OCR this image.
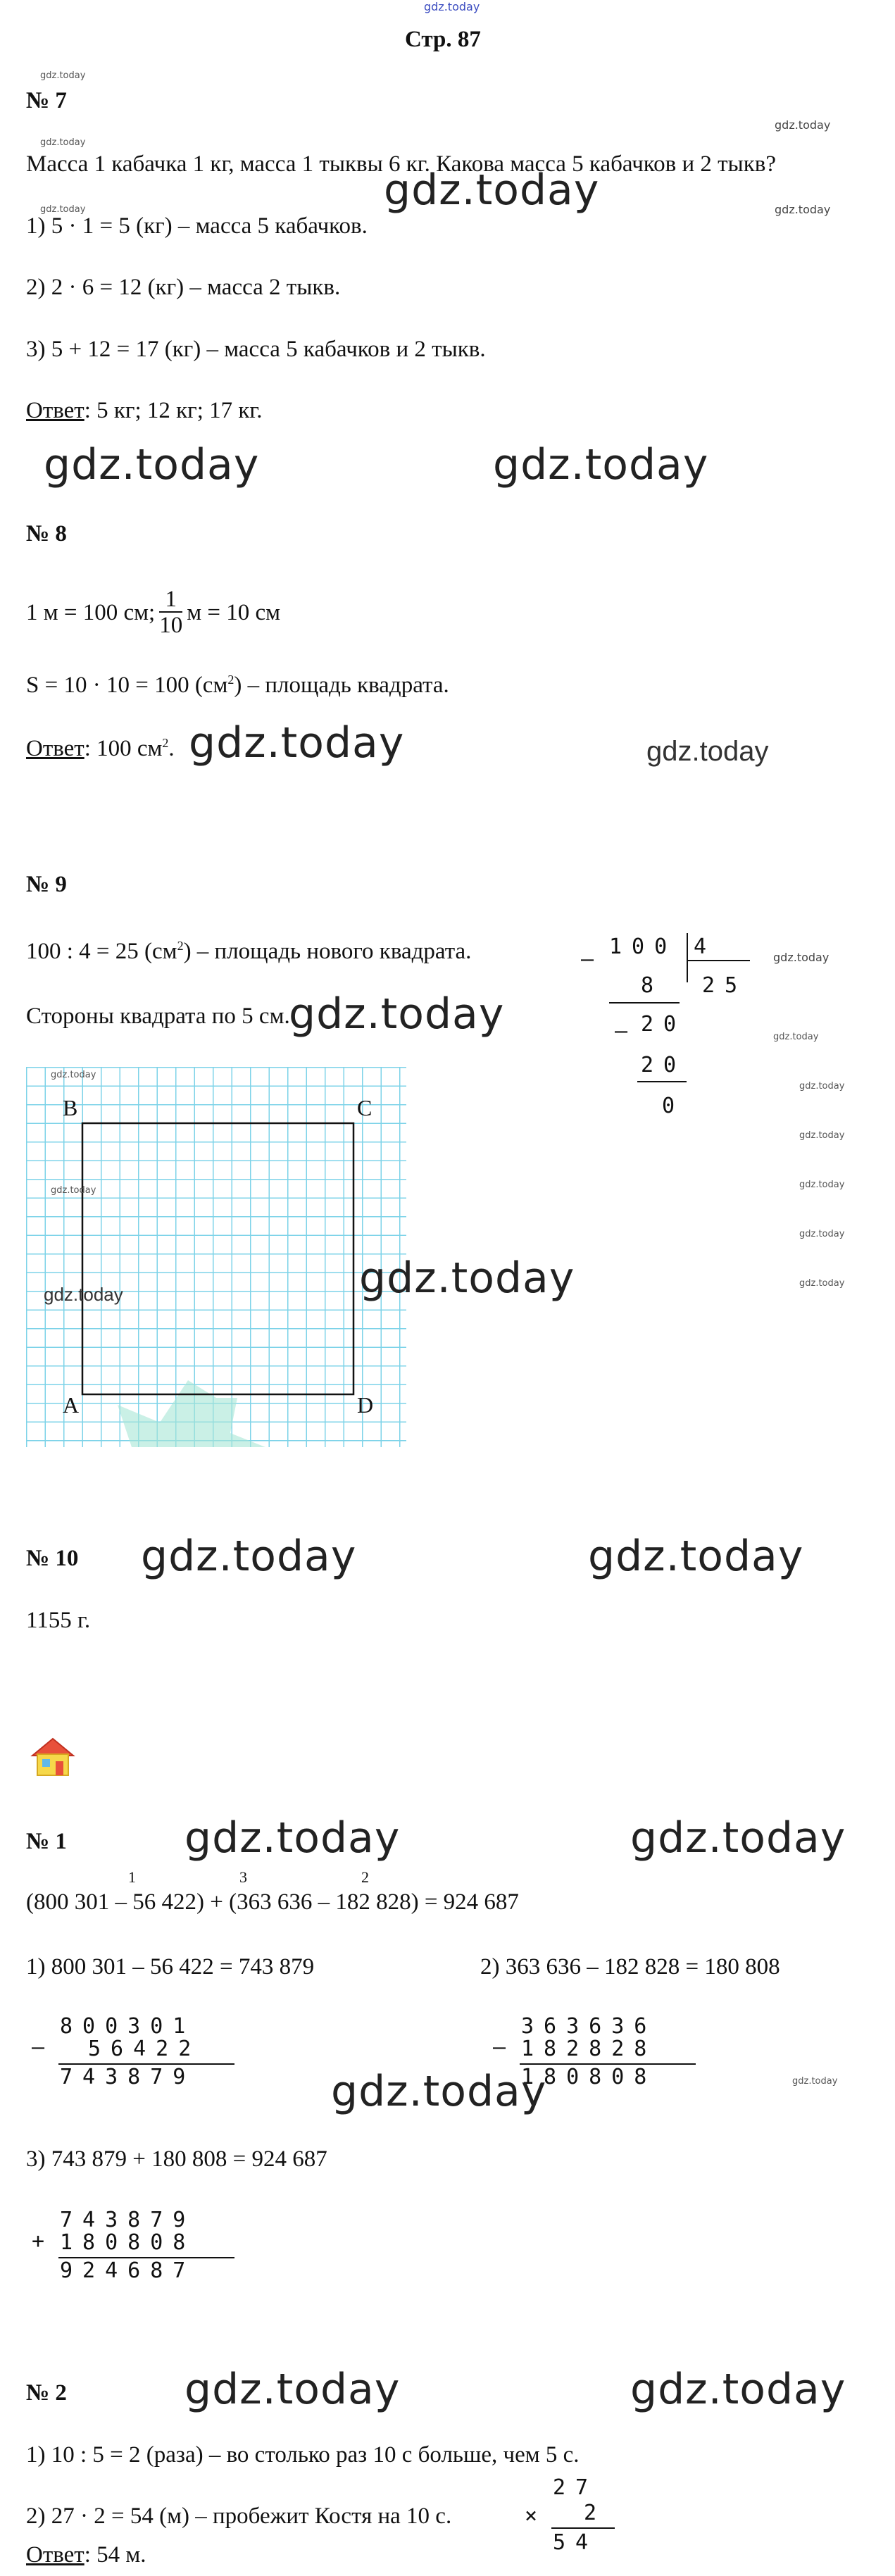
gdz.today
Стр. 87
gdz.today
gdz.today
gdz.today
gdz.today
gdz.today
№ 7
Масса 1 кабачка 1 кг, масса 1 тыквы 6 кг. Какова масса 5 кабачков и 2 тыкв?
gdz.today
1) 5 · 1 = 5 (кг) – масса 5 кабачков.
2) 2 · 6 = 12 (кг) – масса 2 тыкв.
3) 5 + 12 = 17 (кг) – масса 5 кабачков и 2 тыкв.
Ответ: 5 кг; 12 кг; 17 кг.
gdz.today	gdz.today
№ 8
1 м = 100 см; $\frac{1}{10}$ м = 10 см
S = 10 · 10 = 100 $(см^2)$ – площадь квадрата.
Ответ: 100 $см^2$. gdz.today	gdz.today
№ 9
100 : 4 = 25 $(см^2)$ – площадь нового квадрата.
Стороны квадрата по 5 см.
gdz.today
–
100 4
8 25
– 20
20
0
gdz.today
gdz.today
gdz.today
gdz.today
gdz.today
gdz.today
gdz.today
B	C
A	D
gdz.today
gdz.today
gdz.today	gdz.today
№ 10 gdz.today	gdz.today
1155 г.
№ 1	gdz.today	gdz.today
1	3	2
(800 301 – 56 422) + (363 636 – 182 828) = 924 687
1) 800 301 – 56 422 = 743 879	2) 363 636 – 182 828 = 180 808
–
800301
56422
743879
–
363636
182828
180808	gdz.today
gdz.today
3) 743 879 + 180 808 = 924 687
+
743879
180808
924687
№ 2	gdz.today	gdz.today
1) 10 : 5 = 2 (раза) – во столько раз 10 с больше, чем 5 с.
2) 27 · 2 = 54 (м) – пробежит Костя на 10 с.	×
27
2
54
Ответ: 54 м.
